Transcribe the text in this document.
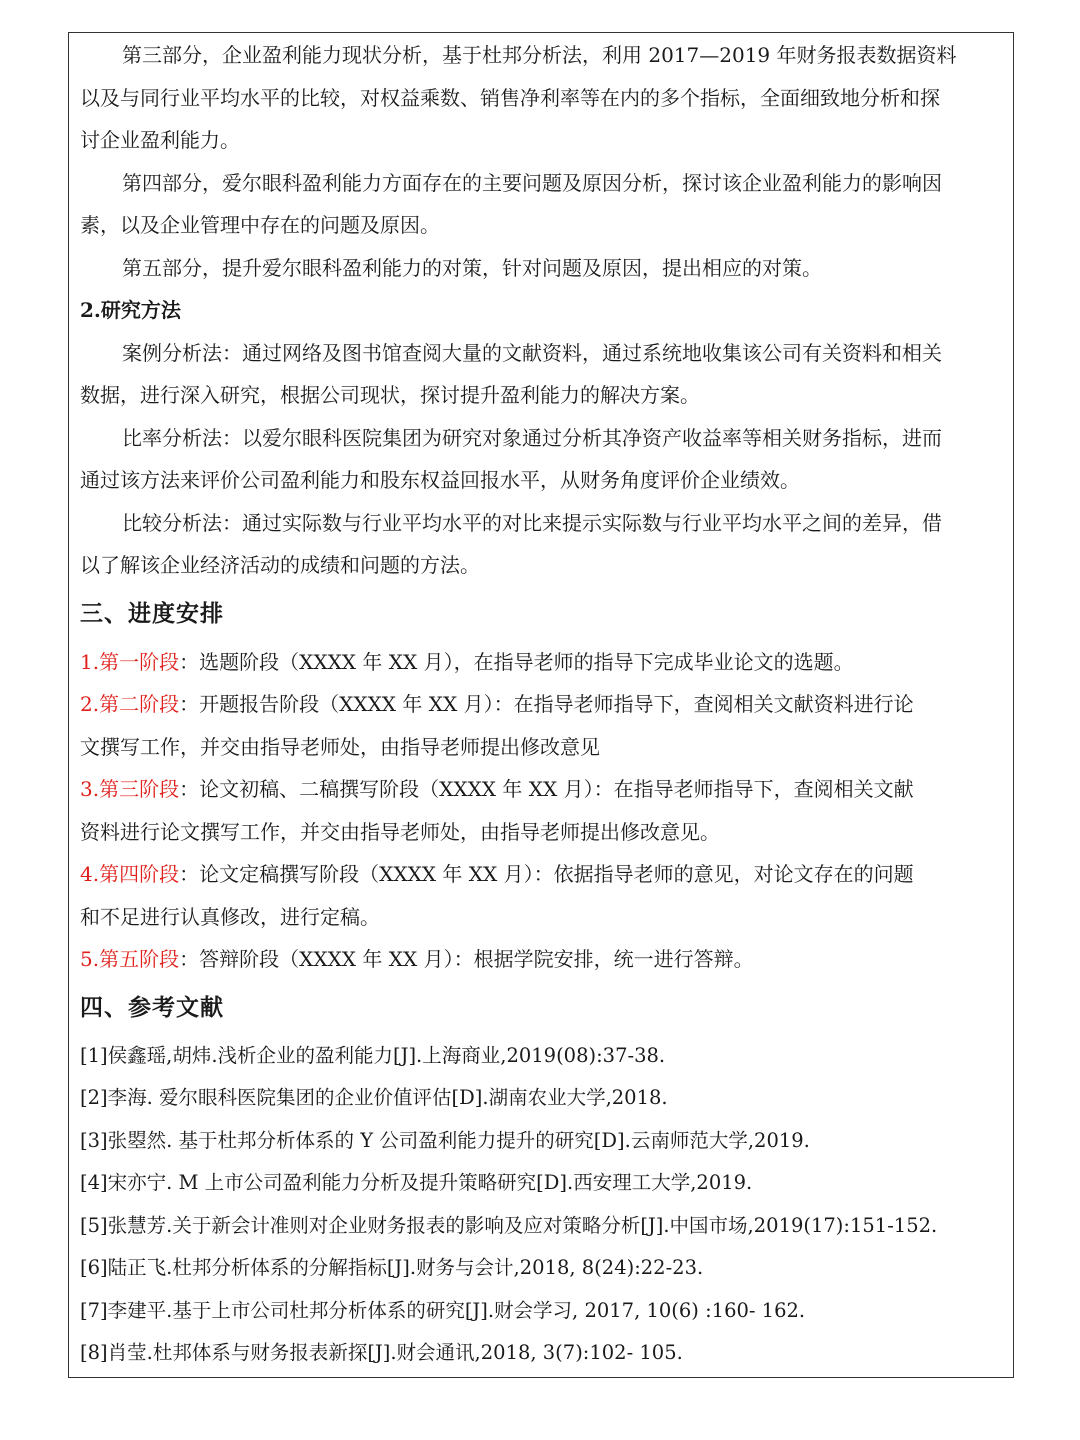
第三部分，企业盈利能力现状分析，基于杜邦分析法，利用 2017—2019 年财务报表数据资料
以及与同行业平均水平的比较，对权益乘数、销售净利率等在内的多个指标，全面细致地分析和探
讨企业盈利能力。
第四部分，爱尔眼科盈利能力方面存在的主要问题及原因分析，探讨该企业盈利能力的影响因
素，以及企业管理中存在的问题及原因。
第五部分，提升爱尔眼科盈利能力的对策，针对问题及原因，提出相应的对策。
2.研究方法
案例分析法：通过网络及图书馆查阅大量的文献资料，通过系统地收集该公司有关资料和相关
数据，进行深入研究，根据公司现状，探讨提升盈利能力的解决方案。
比率分析法：以爱尔眼科医院集团为研究对象通过分析其净资产收益率等相关财务指标，进而
通过该方法来评价公司盈利能力和股东权益回报水平，从财务角度评价企业绩效。
比较分析法：通过实际数与行业平均水平的对比来提示实际数与行业平均水平之间的差异，借
以了解该企业经济活动的成绩和问题的方法。
三、进度安排
1.第一阶段：选题阶段（XXXX 年 XX 月），在指导老师的指导下完成毕业论文的选题。
2.第二阶段：开题报告阶段（XXXX 年 XX 月）：在指导老师指导下，查阅相关文献资料进行论
文撰写工作，并交由指导老师处，由指导老师提出修改意见
3.第三阶段：论文初稿、二稿撰写阶段（XXXX 年 XX 月）：在指导老师指导下，查阅相关文献
资料进行论文撰写工作，并交由指导老师处，由指导老师提出修改意见。
4.第四阶段：论文定稿撰写阶段（XXXX 年 XX 月）：依据指导老师的意见，对论文存在的问题
和不足进行认真修改，进行定稿。
5.第五阶段：答辩阶段（XXXX 年 XX 月）：根据学院安排，统一进行答辩。
四、参考文献
[1]侯鑫瑶,胡炜.浅析企业的盈利能力[J].上海商业,2019(08):37-38.
[2]李海. 爱尔眼科医院集团的企业价值评估[D].湖南农业大学,2018.
[3]张曌然. 基于杜邦分析体系的 Y 公司盈利能力提升的研究[D].云南师范大学,2019.
[4]宋亦宁. M 上市公司盈利能力分析及提升策略研究[D].西安理工大学,2019.
[5]张慧芳.关于新会计准则对企业财务报表的影响及应对策略分析[J].中国市场,2019(17):151-152.
[6]陆正飞.杜邦分析体系的分解指标[J].财务与会计,2018, 8(24):22-23.
[7]李建平.基于上市公司杜邦分析体系的研究[J].财会学习, 2017, 10(6) :160- 162.
[8]肖莹.杜邦体系与财务报表新探[J].财会通讯,2018, 3(7):102- 105.
